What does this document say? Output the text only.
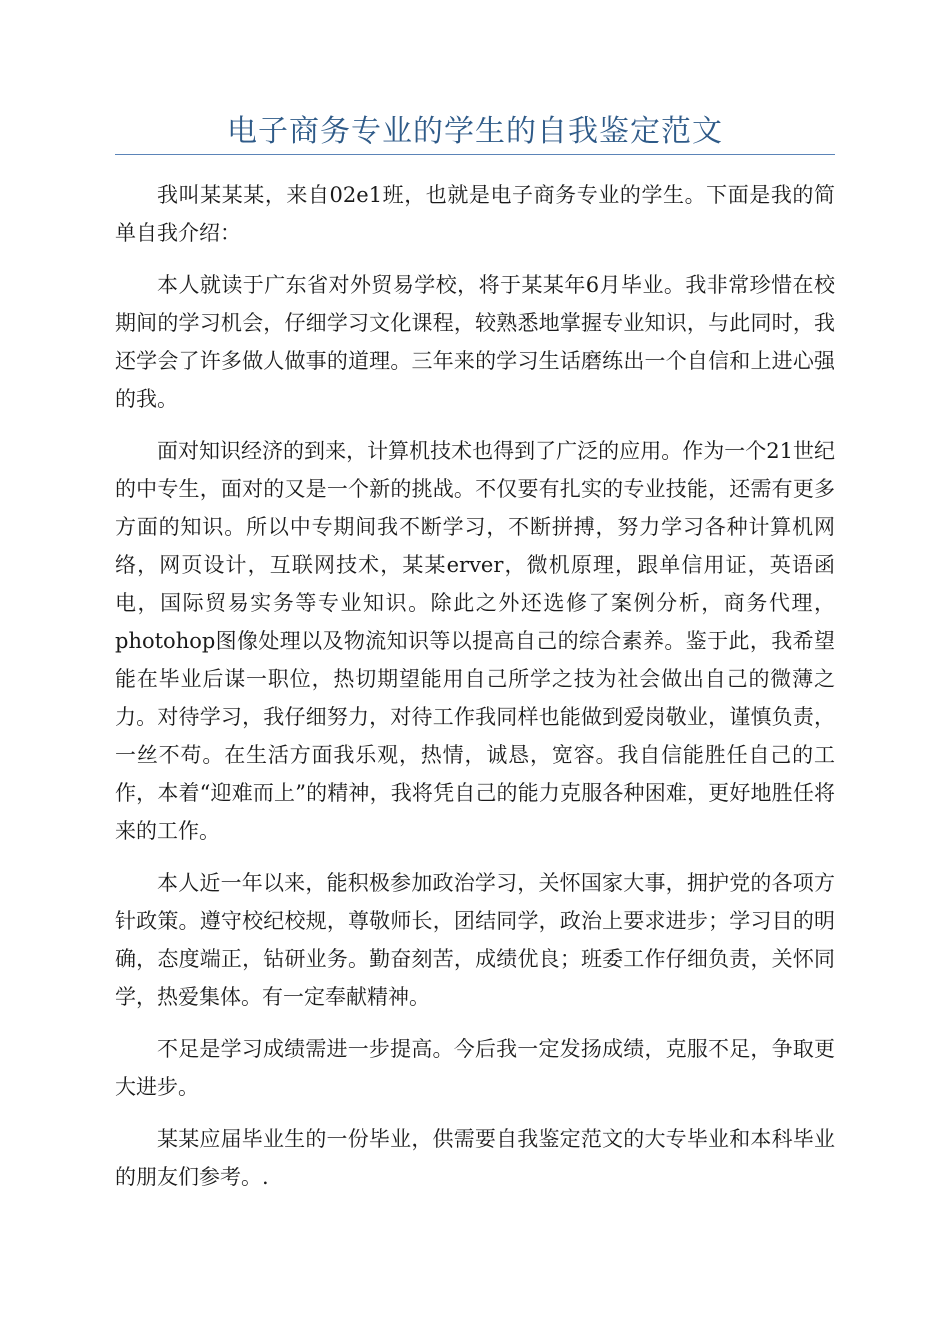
电子商务专业的学生的自我鉴定范文

我叫某某某，来自02e1班，也就是电子商务专业的学生。下面是我的简单自我介绍：

本人就读于广东省对外贸易学校，将于某某年6月毕业。我非常珍惜在校期间的学习机会，仔细学习文化课程，较熟悉地掌握专业知识，与此同时，我还学会了许多做人做事的道理。三年来的学习生话磨练出一个自信和上进心强的我。

面对知识经济的到来，计算机技术也得到了广泛的应用。作为一个21世纪的中专生，面对的又是一个新的挑战。不仅要有扎实的专业技能，还需有更多方面的知识。所以中专期间我不断学习，不断拼搏，努力学习各种计算机网络，网页设计，互联网技术，某某erver，微机原理，跟单信用证，英语函电，国际贸易实务等专业知识。除此之外还选修了案例分析，商务代理，photohop图像处理以及物流知识等以提高自己的综合素养。鉴于此，我希望能在毕业后谋一职位，热切期望能用自己所学之技为社会做出自己的微薄之力。对待学习，我仔细努力，对待工作我同样也能做到爱岗敬业，谨慎负责，一丝不苟。在生活方面我乐观，热情，诚恳，宽容。我自信能胜任自己的工作，本着“迎难而上”的精神，我将凭自己的能力克服各种困难，更好地胜任将来的工作。

本人近一年以来，能积极参加政治学习，关怀国家大事，拥护党的各项方针政策。遵守校纪校规，尊敬师长，团结同学，政治上要求进步；学习目的明确，态度端正，钻研业务。勤奋刻苦，成绩优良；班委工作仔细负责，关怀同学，热爱集体。有一定奉献精神。

不足是学习成绩需进一步提高。今后我一定发扬成绩，克服不足，争取更大进步。

某某应届毕业生的一份毕业，供需要自我鉴定范文的大专毕业和本科毕业的朋友们参考。.
